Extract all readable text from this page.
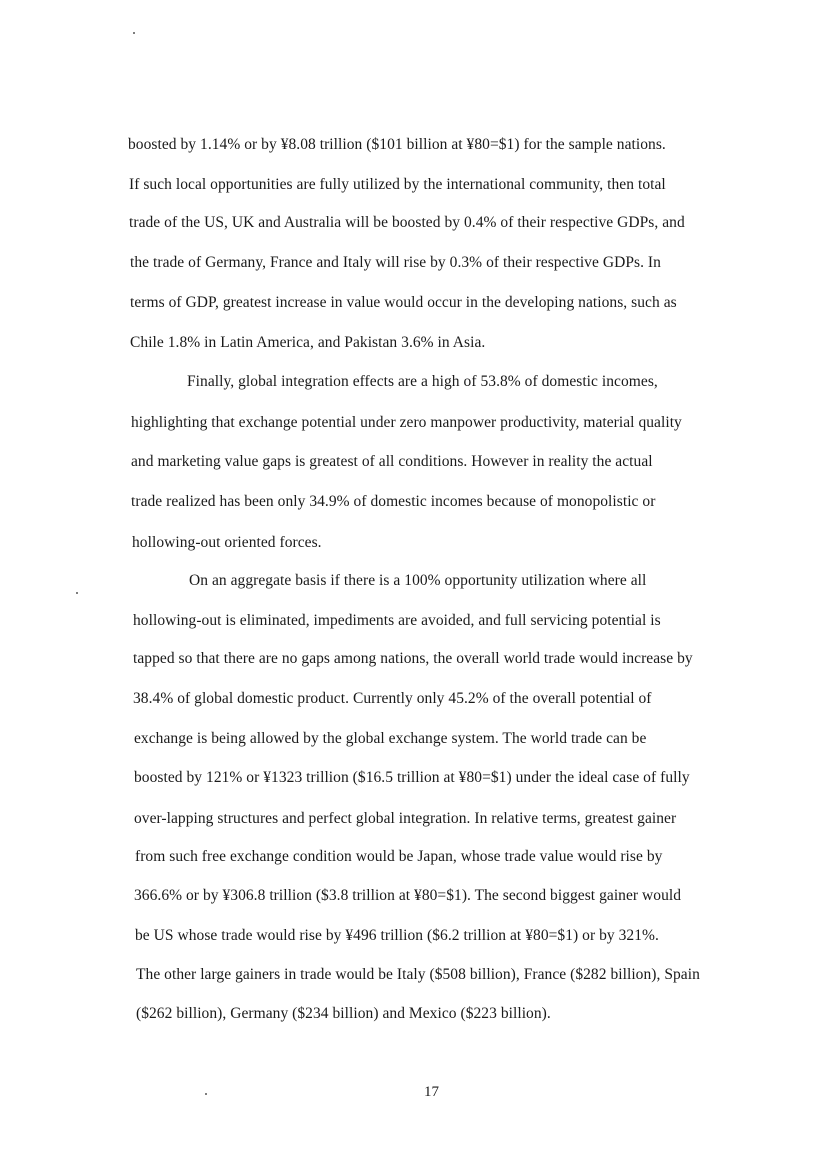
boosted by 1.14% or by ¥8.08 trillion ($101 billion at ¥80=$1) for the sample nations.
If such local opportunities are fully utilized by the international community, then total
trade of the US, UK and Australia will be boosted by 0.4% of their respective GDPs, and
the trade of Germany, France and Italy will rise by 0.3% of their respective GDPs. In
terms of GDP, greatest increase in value would occur in the developing nations, such as
Chile 1.8% in Latin America, and Pakistan 3.6% in Asia.
Finally, global integration effects are a high of 53.8% of domestic incomes,
highlighting that exchange potential under zero manpower productivity, material quality
and marketing value gaps is greatest of all conditions. However in reality the actual
trade realized has been only 34.9% of domestic incomes because of monopolistic or
hollowing-out oriented forces.
On an aggregate basis if there is a 100% opportunity utilization where all
hollowing-out is eliminated, impediments are avoided, and full servicing potential is
tapped so that there are no gaps among nations, the overall world trade would increase by
38.4% of global domestic product. Currently only 45.2% of the overall potential of
exchange is being allowed by the global exchange system. The world trade can be
boosted by 121% or ¥1323 trillion ($16.5 trillion at ¥80=$1) under the ideal case of fully
over-lapping structures and perfect global integration. In relative terms, greatest gainer
from such free exchange condition would be Japan, whose trade value would rise by
366.6% or by ¥306.8 trillion ($3.8 trillion at ¥80=$1). The second biggest gainer would
be US whose trade would rise by ¥496 trillion ($6.2 trillion at ¥80=$1) or by 321%.
The other large gainers in trade would be Italy ($508 billion), France ($282 billion), Spain
($262 billion), Germany ($234 billion) and Mexico ($223 billion).
17
